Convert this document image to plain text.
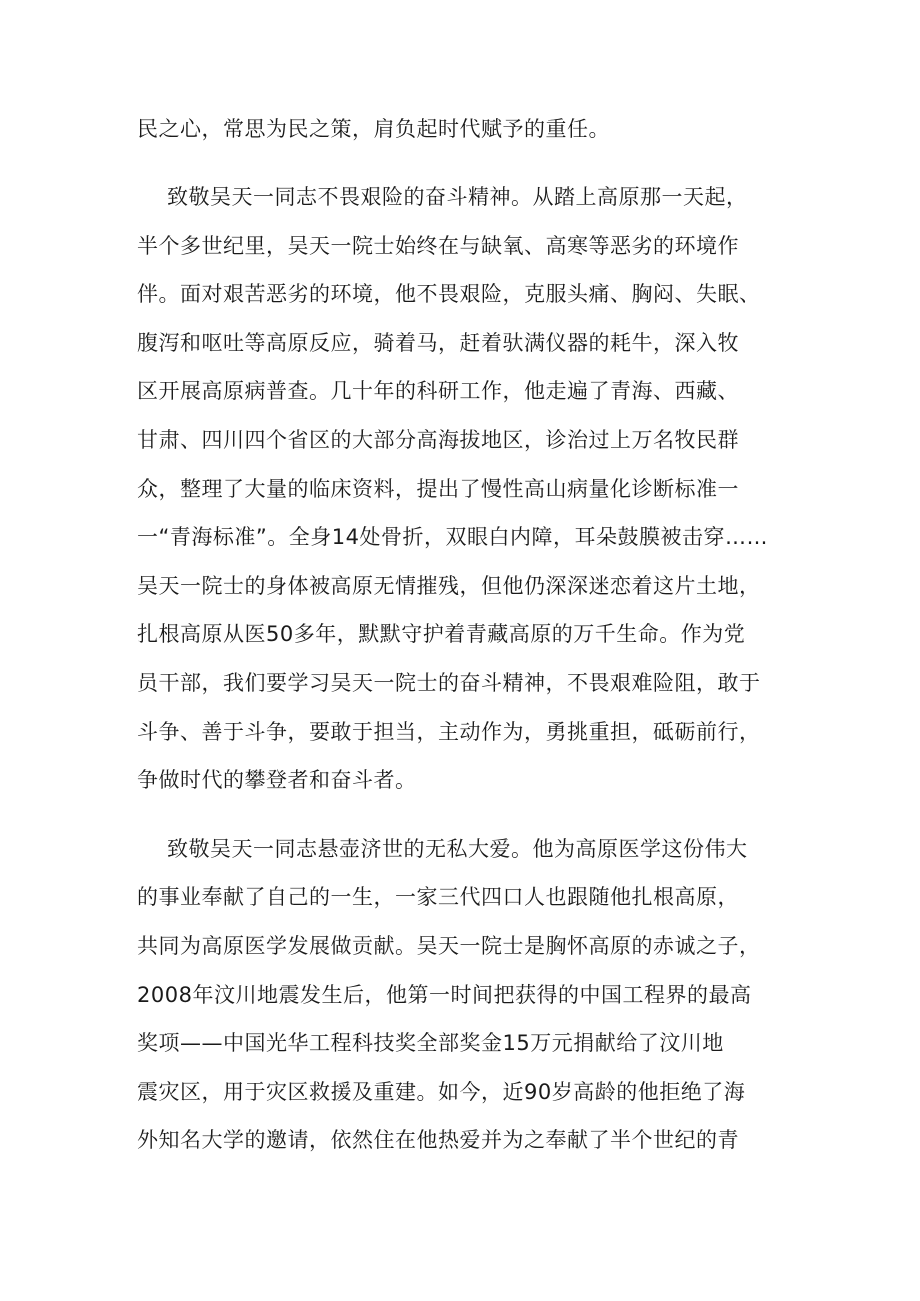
民之心，常思为民之策，肩负起时代赋予的重任。
致敬吴天一同志不畏艰险的奋斗精神。从踏上高原那一天起，
半个多世纪里，吴天一院士始终在与缺氧、高寒等恶劣的环境作
伴。面对艰苦恶劣的环境，他不畏艰险，克服头痛、胸闷、失眠、
腹泻和呕吐等高原反应，骑着马，赶着驮满仪器的耗牛，深入牧
区开展高原病普查。几十年的科研工作，他走遍了青海、西藏、
甘肃、四川四个省区的大部分高海拔地区，诊治过上万名牧民群
众，整理了大量的临床资料，提出了慢性高山病量化诊断标准一
一“青海标准”。全身14处骨折，双眼白内障，耳朵鼓膜被击穿……
吴天一院士的身体被高原无情摧残，但他仍深深迷恋着这片土地，
扎根高原从医50多年，默默守护着青藏高原的万千生命。作为党
员干部，我们要学习吴天一院士的奋斗精神，不畏艰难险阻，敢于
斗争、善于斗争，要敢于担当，主动作为，勇挑重担，砥砺前行，
争做时代的攀登者和奋斗者。
致敬吴天一同志悬壶济世的无私大爱。他为高原医学这份伟大
的事业奉献了自己的一生，一家三代四口人也跟随他扎根高原，
共同为高原医学发展做贡献。吴天一院士是胸怀高原的赤诚之子，
2008年汶川地震发生后，他第一时间把获得的中国工程界的最高
奖项——中国光华工程科技奖全部奖金15万元捐献给了汶川地
震灾区，用于灾区救援及重建。如今，近90岁高龄的他拒绝了海
外知名大学的邀请，依然住在他热爱并为之奉献了半个世纪的青
